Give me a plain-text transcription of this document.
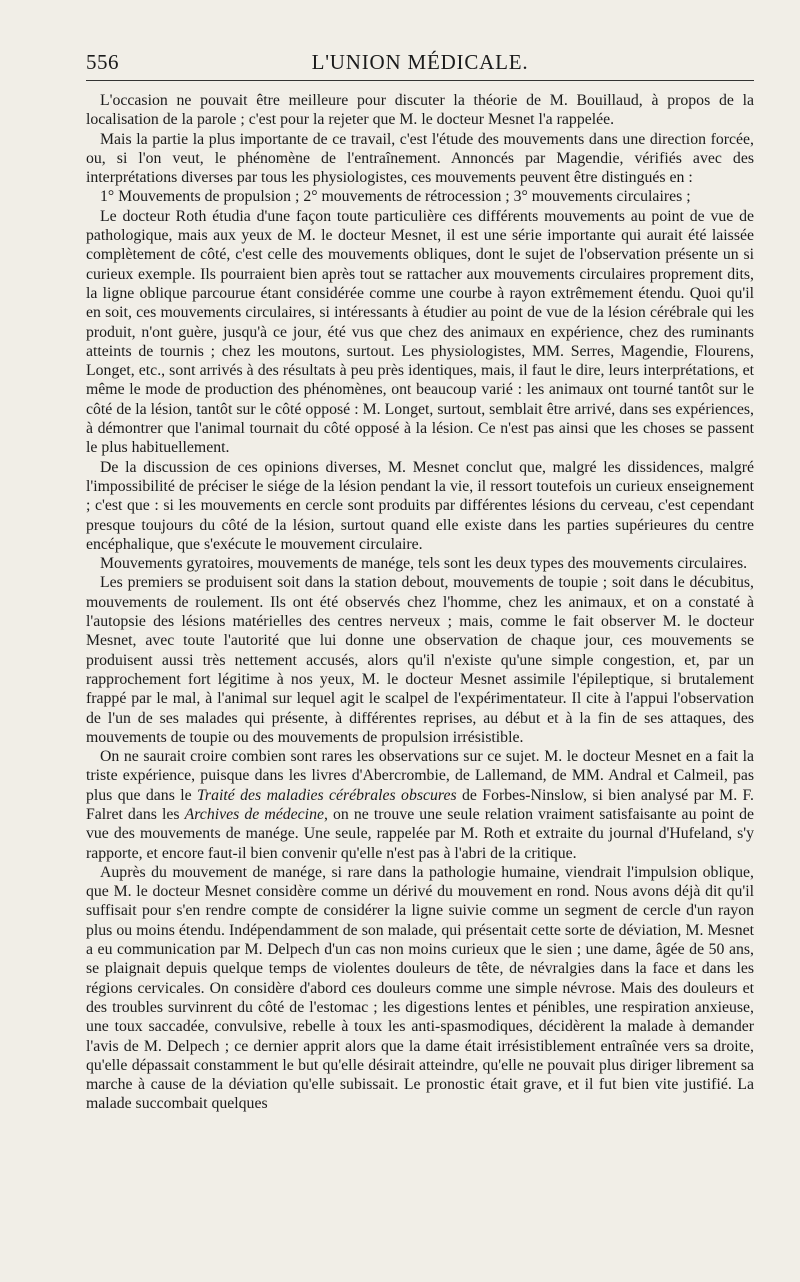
556	L'UNION MÉDICALE.

L'occasion ne pouvait être meilleure pour discuter la théorie de M. Bouillaud, à propos de la localisation de la parole ; c'est pour la rejeter que M. le docteur Mesnet l'a rappelée.

Mais la partie la plus importante de ce travail, c'est l'étude des mouvements dans une direction forcée, ou, si l'on veut, le phénomène de l'entraînement. Annoncés par Magendie, vérifiés avec des interprétations diverses par tous les physiologistes, ces mouvements peuvent être distingués en :

1° Mouvements de propulsion ; 2° mouvements de rétrocession ; 3° mouvements circulaires ;

Le docteur Roth étudia d'une façon toute particulière ces différents mouvements au point de vue de pathologique, mais aux yeux de M. le docteur Mesnet, il est une série importante qui aurait été laissée complètement de côté, c'est celle des mouvements obliques, dont le sujet de l'observation présente un si curieux exemple. Ils pourraient bien après tout se rattacher aux mouvements circulaires proprement dits, la ligne oblique parcourue étant considérée comme une courbe à rayon extrêmement étendu. Quoi qu'il en soit, ces mouvements circulaires, si intéressants à étudier au point de vue de la lésion cérébrale qui les produit, n'ont guère, jusqu'à ce jour, été vus que chez des animaux en expérience, chez des ruminants atteints de tournis ; chez les moutons, surtout. Les physiologistes, MM. Serres, Magendie, Flourens, Longet, etc., sont arrivés à des résultats à peu près identiques, mais, il faut le dire, leurs interprétations, et même le mode de production des phénomènes, ont beaucoup varié : les animaux ont tourné tantôt sur le côté de la lésion, tantôt sur le côté opposé : M. Longet, surtout, semblait être arrivé, dans ses expériences, à démontrer que l'animal tournait du côté opposé à la lésion. Ce n'est pas ainsi que les choses se passent le plus habituellement.

De la discussion de ces opinions diverses, M. Mesnet conclut que, malgré les dissidences, malgré l'impossibilité de préciser le siége de la lésion pendant la vie, il ressort toutefois un curieux enseignement ; c'est que : si les mouvements en cercle sont produits par différentes lésions du cerveau, c'est cependant presque toujours du côté de la lésion, surtout quand elle existe dans les parties supérieures du centre encéphalique, que s'exécute le mouvement circulaire.

Mouvements gyratoires, mouvements de manége, tels sont les deux types des mouvements circulaires.

Les premiers se produisent soit dans la station debout, mouvements de toupie ; soit dans le décubitus, mouvements de roulement. Ils ont été observés chez l'homme, chez les animaux, et on a constaté à l'autopsie des lésions matérielles des centres nerveux ; mais, comme le fait observer M. le docteur Mesnet, avec toute l'autorité que lui donne une observation de chaque jour, ces mouvements se produisent aussi très nettement accusés, alors qu'il n'existe qu'une simple congestion, et, par un rapprochement fort légitime à nos yeux, M. le docteur Mesnet assimile l'épileptique, si brutalement frappé par le mal, à l'animal sur lequel agit le scalpel de l'expérimentateur. Il cite à l'appui l'observation de l'un de ses malades qui présente, à différentes reprises, au début et à la fin de ses attaques, des mouvements de toupie ou des mouvements de propulsion irrésistible.

On ne saurait croire combien sont rares les observations sur ce sujet. M. le docteur Mesnet en a fait la triste expérience, puisque dans les livres d'Abercrombie, de Lallemand, de MM. Andral et Calmeil, pas plus que dans le Traité des maladies cérébrales obscures de Forbes-Ninslow, si bien analysé par M. F. Falret dans les Archives de médecine, on ne trouve une seule relation vraiment satisfaisante au point de vue des mouvements de manége. Une seule, rappelée par M. Roth et extraite du journal d'Hufeland, s'y rapporte, et encore faut-il bien convenir qu'elle n'est pas à l'abri de la critique.

Auprès du mouvement de manége, si rare dans la pathologie humaine, viendrait l'impulsion oblique, que M. le docteur Mesnet considère comme un dérivé du mouvement en rond. Nous avons déjà dit qu'il suffisait pour s'en rendre compte de considérer la ligne suivie comme un segment de cercle d'un rayon plus ou moins étendu. Indépendamment de son malade, qui présentait cette sorte de déviation, M. Mesnet a eu communication par M. Delpech d'un cas non moins curieux que le sien ; une dame, âgée de 50 ans, se plaignait depuis quelque temps de violentes douleurs de tête, de névralgies dans la face et dans les régions cervicales. On considère d'abord ces douleurs comme une simple névrose. Mais des douleurs et des troubles survinrent du côté de l'estomac ; les digestions lentes et pénibles, une respiration anxieuse, une toux saccadée, convulsive, rebelle à toux les anti-spasmodiques, décidèrent la malade à demander l'avis de M. Delpech ; ce dernier apprit alors que la dame était irrésistiblement entraînée vers sa droite, qu'elle dépassait constamment le but qu'elle désirait atteindre, qu'elle ne pouvait plus diriger librement sa marche à cause de la déviation qu'elle subissait. Le pronostic était grave, et il fut bien vite justifié. La malade succombait quelques
